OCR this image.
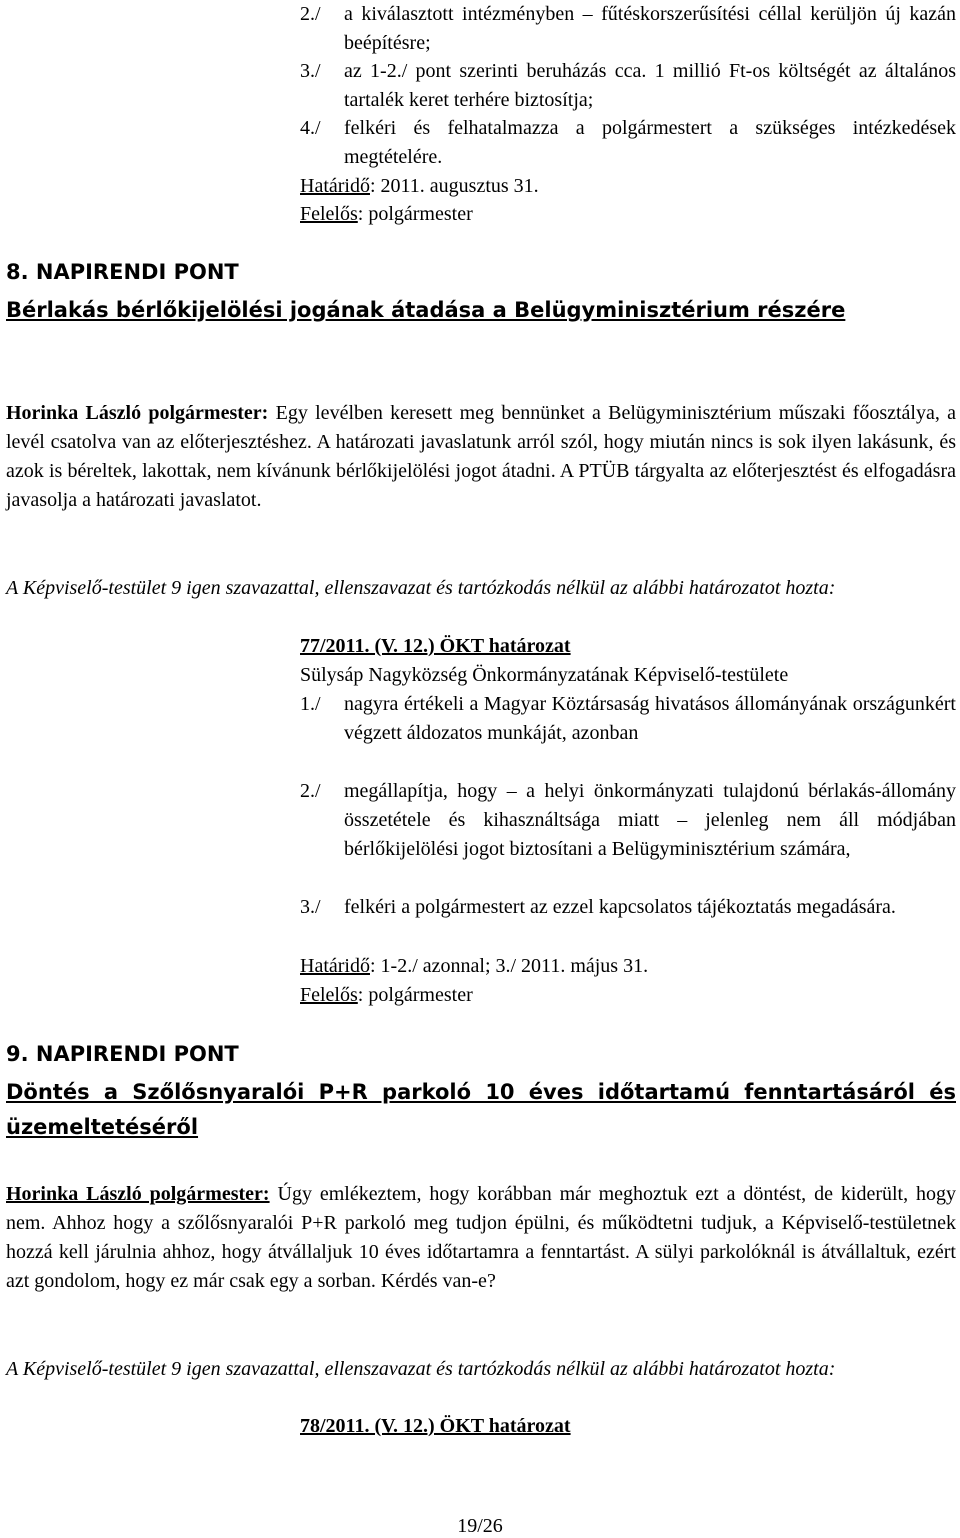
2./ a kiválasztott intézményben – fűtéskorszerűsítési céllal kerüljön új kazán beépítésre;
3./ az 1-2./ pont szerinti beruházás cca. 1 millió Ft-os költségét az általános tartalék keret terhére biztosítja;
4./ felkéri és felhatalmazza a polgármestert a szükséges intézkedések megtételére.
Határidő: 2011. augusztus 31.
Felelős: polgármester
8. NAPIRENDI PONT
Bérlakás bérlőkijelölési jogának átadása a Belügyminisztérium részére
Horinka László polgármester: Egy levélben keresett meg bennünket a Belügyminisztérium műszaki főosztálya, a levél csatolva van az előterjesztéshez. A határozati javaslatunk arról szól, hogy miután nincs is sok ilyen lakásunk, és azok is béreltek, lakottak, nem kívánunk bérlőkijelölési jogot átadni. A PTÜB tárgyalta az előterjesztést és elfogadásra javasolja a határozati javaslatot.
A Képviselő-testület 9 igen szavazattal, ellenszavazat és tartózkodás nélkül az alábbi határozatot hozta:
77/2011. (V. 12.) ÖKT határozat
Sülysáp Nagyközség Önkormányzatának Képviselő-testülete
1./ nagyra értékeli a Magyar Köztársaság hivatásos állományának országunkért végzett áldozatos munkáját, azonban
2./ megállapítja, hogy – a helyi önkormányzati tulajdonú bérlakás-állomány összetétele és kihasználtsága miatt – jelenleg nem áll módjában bérlőkijelölési jogot biztosítani a Belügyminisztérium számára,
3./ felkéri a polgármestert az ezzel kapcsolatos tájékoztatás megadására.
Határidő: 1-2./ azonnal; 3./ 2011. május 31.
Felelős: polgármester
9. NAPIRENDI PONT
Döntés a Szőlősnyaralói P+R parkoló 10 éves időtartamú fenntartásáról és üzemeltetéséről
Horinka László polgármester: Úgy emlékeztem, hogy korábban már meghoztuk ezt a döntést, de kiderült, hogy nem. Ahhoz hogy a szőlősnyaralói P+R parkoló meg tudjon épülni, és működtetni tudjuk, a Képviselő-testületnek hozzá kell járulnia ahhoz, hogy átvállaljuk 10 éves időtartamra a fenntartást. A sülyi parkolóknál is átvállaltuk, ezért azt gondolom, hogy ez már csak egy a sorban. Kérdés van-e?
A Képviselő-testület 9 igen szavazattal, ellenszavazat és tartózkodás nélkül az alábbi határozatot hozta:
78/2011. (V. 12.) ÖKT határozat
19/26
